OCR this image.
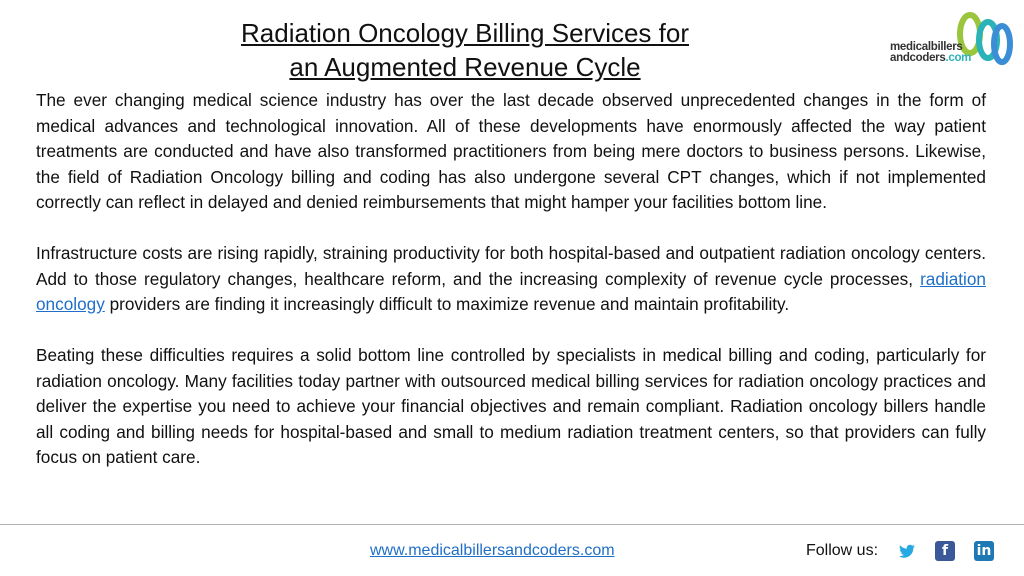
Radiation Oncology Billing Services for
an Augmented Revenue Cycle
medicalbillers
andcoders.com

The ever changing medical science industry has over the last decade observed unprecedented changes in the form of medical advances and technological innovation. All of these developments have enormously affected the way patient treatments are conducted and have also transformed practitioners from being mere doctors to business persons. Likewise, the field of Radiation Oncology billing and coding has also undergone several CPT changes, which if not implemented correctly can reflect in delayed and denied reimbursements that might hamper your facilities bottom line.

Infrastructure costs are rising rapidly, straining productivity for both hospital-based and outpatient radiation oncology centers. Add to those regulatory changes, healthcare reform, and the increasing complexity of revenue cycle processes, radiation oncology providers are finding it increasingly difficult to maximize revenue and maintain profitability.

Beating these difficulties requires a solid bottom line controlled by specialists in medical billing and coding, particularly for radiation oncology. Many facilities today partner with outsourced medical billing services for radiation oncology practices and deliver the expertise you need to achieve your financial objectives and remain compliant. Radiation oncology billers handle all coding and billing needs for hospital-based and small to medium radiation treatment centers, so that providers can fully focus on patient care.

www.medicalbillersandcoders.com	Follow us:	f	in
